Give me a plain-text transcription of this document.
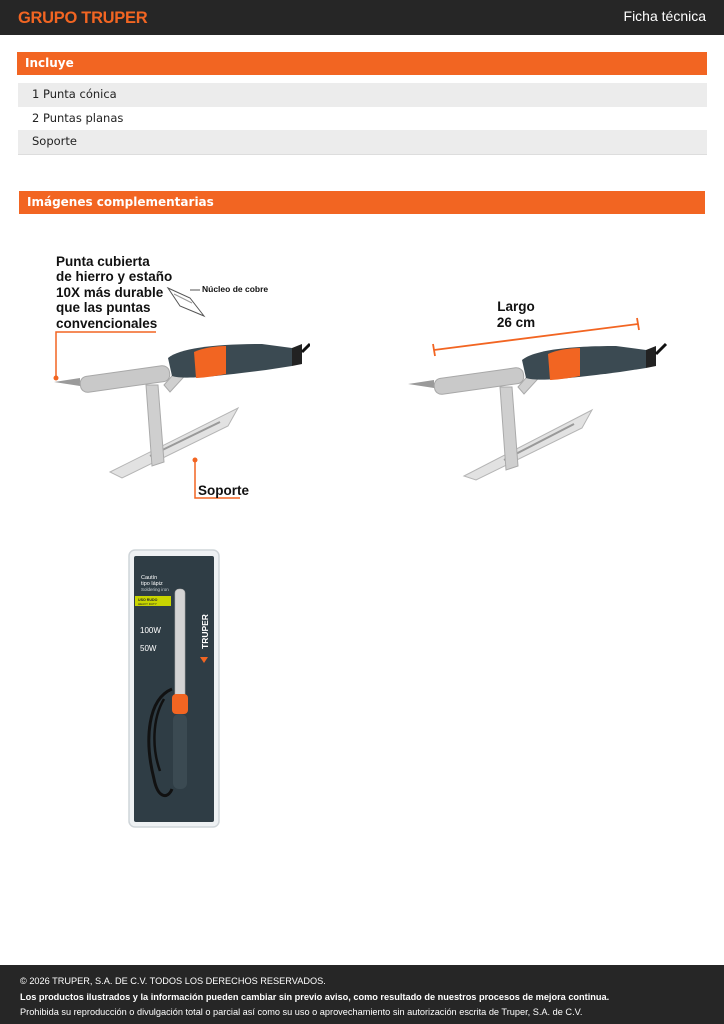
GRUPO TRUPER	Ficha técnica
Incluye
1 Punta cónica
2 Puntas planas
Soporte
Imágenes complementarias
Punta cubierta
de hierro y estaño
10X más durable
que las puntas
convencionales
Núcleo de cobre
Soporte
Largo
26 cm
Cautín
tipo lápiz
Soldering iron
USO RUDO
HEAVY DUTY
100W
50W	TRUPER
© 2026 TRUPER, S.A. DE C.V. TODOS LOS DERECHOS RESERVADOS.
Los productos ilustrados y la información pueden cambiar sin previo aviso, como resultado de nuestros procesos de mejora continua.
Prohibida su reproducción o divulgación total o parcial así como su uso o aprovechamiento sin autorización escrita de Truper, S.A. de C.V.
